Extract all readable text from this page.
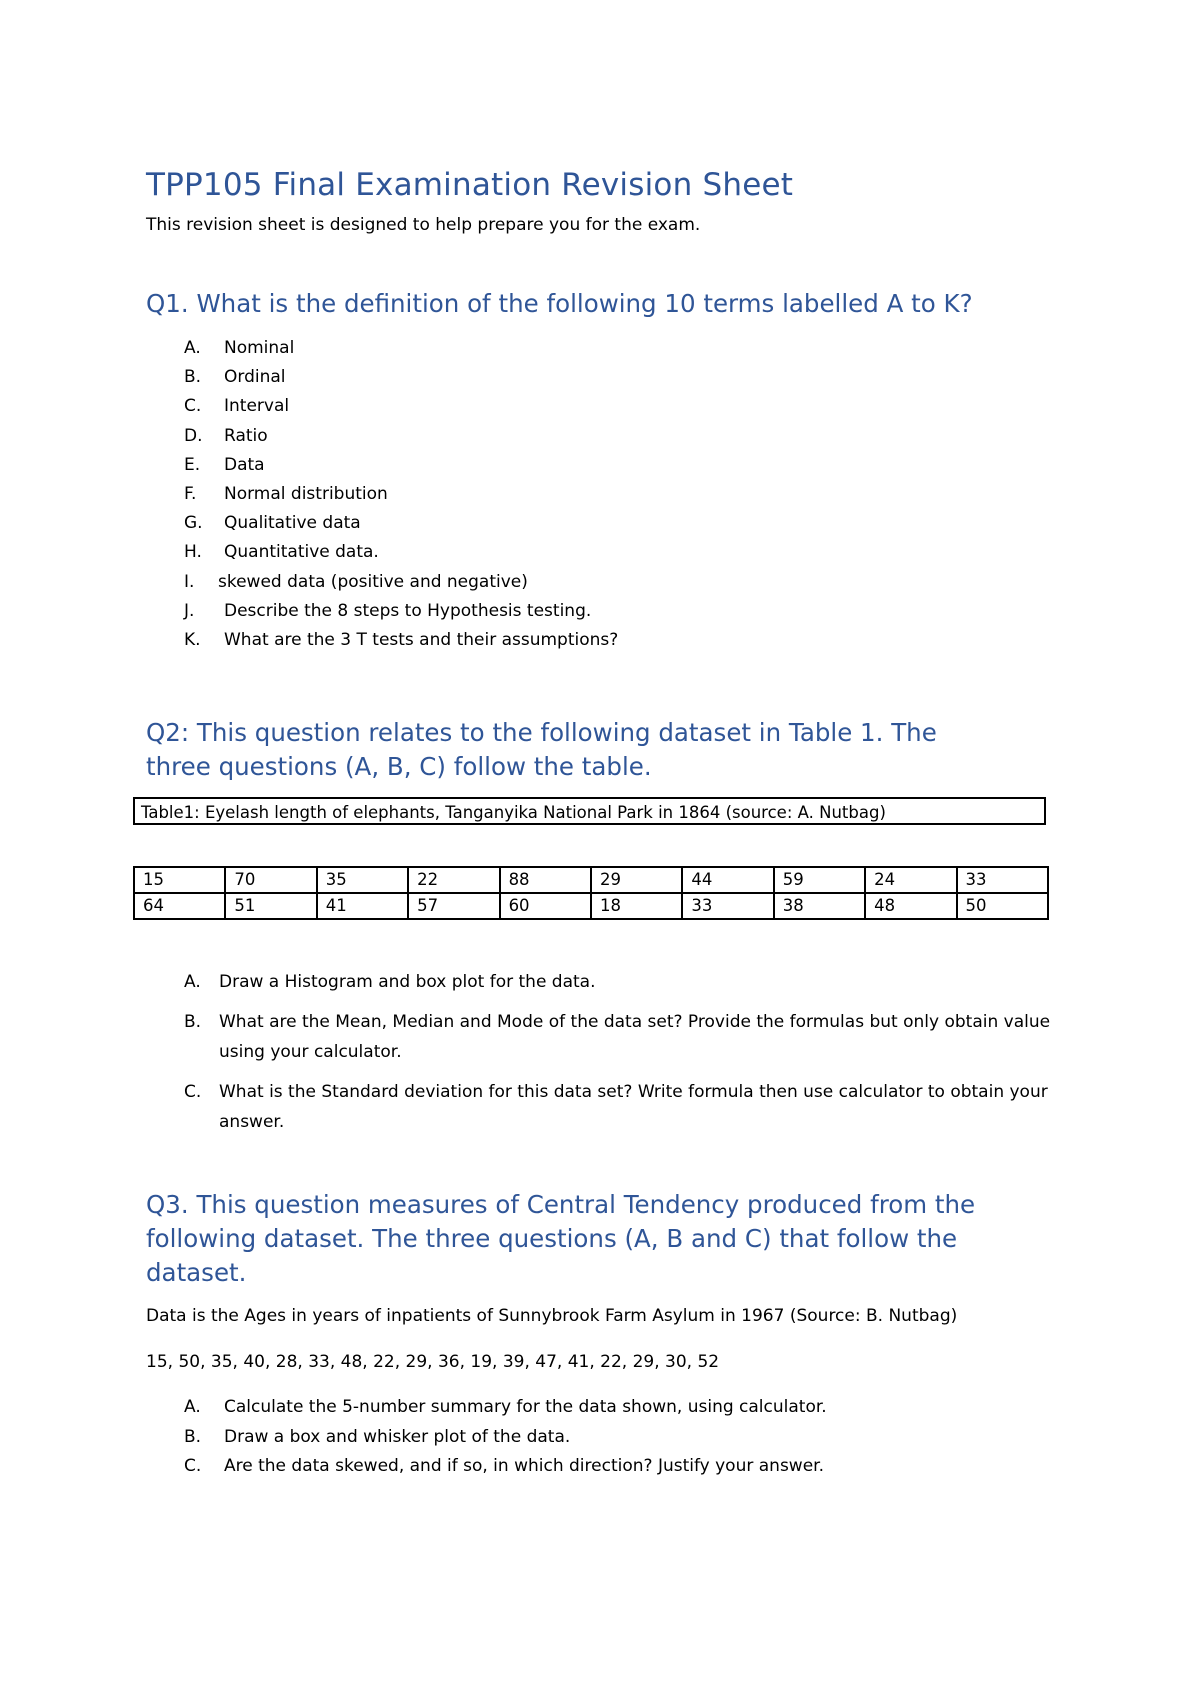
TPP105 Final Examination Revision Sheet
This revision sheet is designed to help prepare you for the exam.
Q1. What is the definition of the following 10 terms labelled A to K?
A. Nominal
B. Ordinal
C. Interval
D. Ratio
E. Data
F. Normal distribution
G. Qualitative data
H. Quantitative data.
I. skewed data (positive and negative)
J. Describe the 8 steps to Hypothesis testing.
K. What are the 3 T tests and their assumptions?
Q2: This question relates to the following dataset in Table 1. The
three questions (A, B, C) follow the table.
Table1: Eyelash length of elephants, Tanganyika National Park in 1864 (source: A. Nutbag)
15	70	35	22	88	29	44	59	24	33
64	51	41	57	60	18	33	38	48	50
A. Draw a Histogram and box plot for the data.
B. What are the Mean, Median and Mode of the data set? Provide the formulas but only obtain value using your calculator.
C. What is the Standard deviation for this data set? Write formula then use calculator to obtain your answer.
Q3. This question measures of Central Tendency produced from the
following dataset. The three questions (A, B and C) that follow the
dataset.
Data is the Ages in years of inpatients of Sunnybrook Farm Asylum in 1967 (Source: B. Nutbag)
15, 50, 35, 40, 28, 33, 48, 22, 29, 36, 19, 39, 47, 41, 22, 29, 30, 52
A. Calculate the 5-number summary for the data shown, using calculator.
B. Draw a box and whisker plot of the data.
C. Are the data skewed, and if so, in which direction? Justify your answer.
